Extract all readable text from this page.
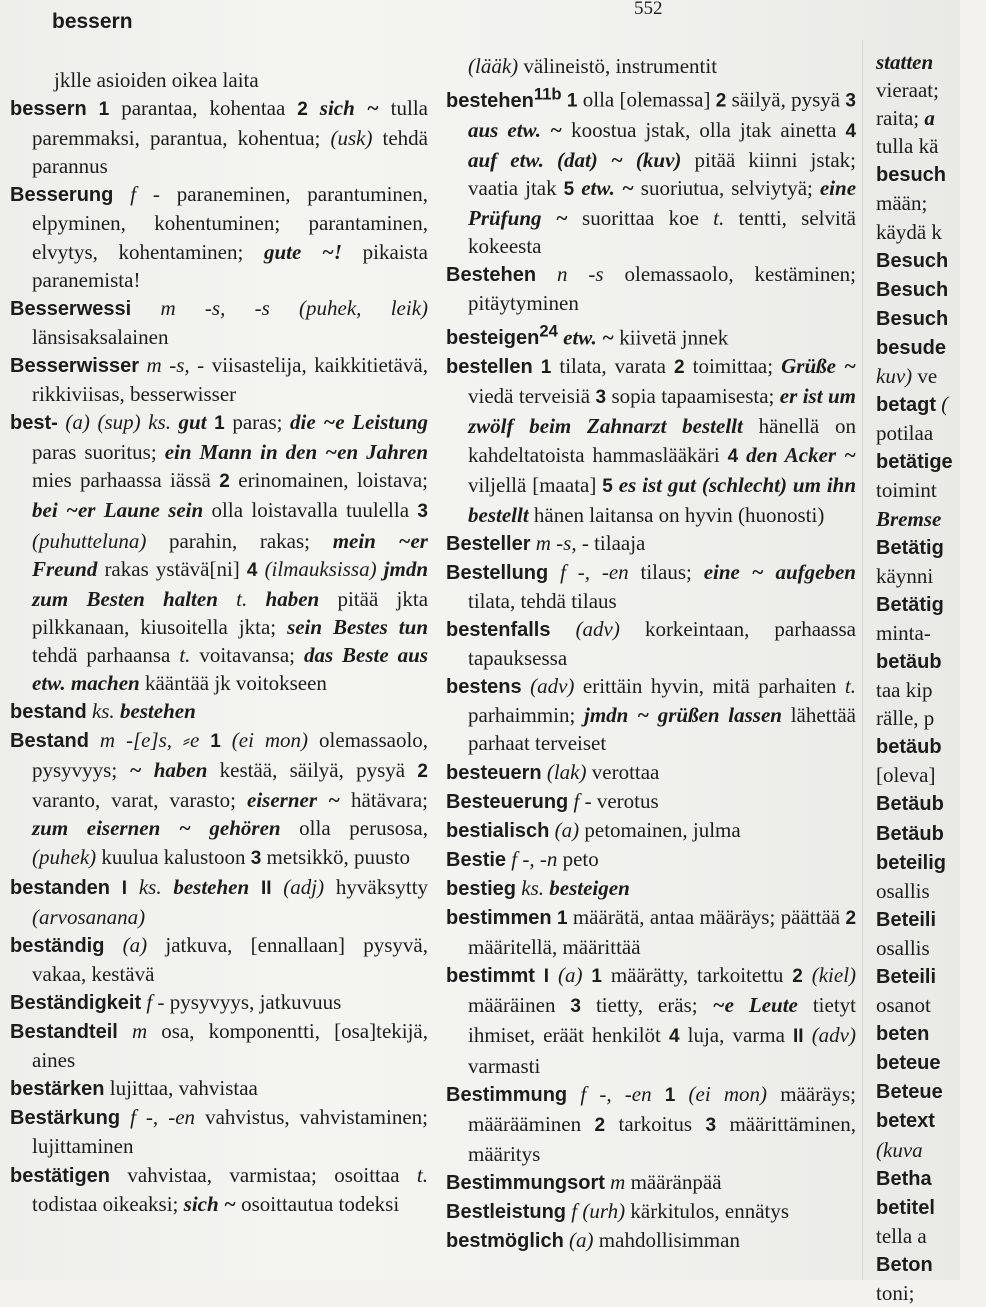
bessern
552

jklle asioiden oikea laita

bessern 1 parantaa, kohentaa 2 sich ~ tulla paremmaksi, parantua, kohentua; (usk) tehdä parannus

Besserung f - paraneminen, parantuminen, elpyminen, kohentuminen; parantaminen, elvytys, kohentaminen; gute ~! pikaista paranemista!

Besserwessi m -s, -s (puhek, leik) länsisaksalainen

Besserwisser m -s, - viisastelija, kaikkitietävä, rikkiviisas, besserwisser

best- (a) (sup) ks. gut 1 paras; die ~e Leistung paras suoritus; ein Mann in den ~en Jahren mies parhaassa iässä 2 erinomainen, loistava; bei ~er Laune sein olla loistavalla tuulella 3 (puhutteluna) parahin, rakas; mein ~er Freund rakas ystävä[ni] 4 (ilmauksissa) jmdn zum Besten halten t. haben pitää jkta pilkkanaan, kiusoitella jkta; sein Bestes tun tehdä parhaansa t. voitavansa; das Beste aus etw. machen kääntää jk voitokseen

bestand ks. bestehen

Bestand m -[e]s, ⸗e 1 (ei mon) olemassaolo, pysyvyys; ~ haben kestää, säilyä, pysyä 2 varanto, varat, varasto; eiserner ~ hätävara; zum eisernen ~ gehören olla perusosa, (puhek) kuulua kalustoon 3 metsikkö, puusto

bestanden I ks. bestehen II (adj) hyväksytty (arvosanana)

beständig (a) jatkuva, [ennallaan] pysyvä, vakaa, kestävä

Beständigkeit f - pysyvyys, jatkuvuus

Bestandteil m osa, komponentti, [osa]tekijä, aines

bestärken lujittaa, vahvistaa

Bestärkung f -, -en vahvistus, vahvistaminen; lujittaminen

bestätigen vahvistaa, varmistaa; osoittaa t. todistaa oikeaksi; sich ~ osoittautua todeksi

(lääk) välineistö, instrumentit

bestehen$^{11b}$ 1 olla [olemassa] 2 säilyä, pysyä 3 aus etw. ~ koostua jstak, olla jtak ainetta 4 auf etw. (dat) ~ (kuv) pitää kiinni jstak; vaatia jtak 5 etw. ~ suoriutua, selviytyä; eine Prüfung ~ suorittaa koe t. tentti, selvitä kokeesta

Bestehen n -s olemassaolo, kestäminen; pitäytyminen

besteigen$^{24}$ etw. ~ kiivetä jnnek

bestellen 1 tilata, varata 2 toimittaa; Grüße ~ viedä terveisiä 3 sopia tapaamisesta; er ist um zwölf beim Zahnarzt bestellt hänellä on kahdeltatoista hammaslääkäri 4 den Acker ~ viljellä [maata] 5 es ist gut (schlecht) um ihn bestellt hänen laitansa on hyvin (huonosti)

Besteller m -s, - tilaaja

Bestellung f -, -en tilaus; eine ~ aufgeben tilata, tehdä tilaus

bestenfalls (adv) korkeintaan, parhaassa tapauksessa

bestens (adv) erittäin hyvin, mitä parhaiten t. parhaimmin; jmdn ~ grüßen lassen lähettää parhaat terveiset

besteuern (lak) verottaa

Besteuerung f - verotus

bestialisch (a) petomainen, julma

Bestie f -, -n peto

bestieg ks. besteigen

bestimmen 1 määrätä, antaa määräys; päättää 2 määritellä, määrittää

bestimmt I (a) 1 määrätty, tarkoitettu 2 (kiel) määräinen 3 tietty, eräs; ~e Leute tietyt ihmiset, eräät henkilöt 4 luja, varma II (adv) varmasti

Bestimmung f -, -en 1 (ei mon) määräys; määrääminen 2 tarkoitus 3 määrittäminen, määritys

Bestimmungsort m määränpää

Bestleistung f (urh) kärkitulos, ennätys

bestmöglich (a) mahdollisimman

statten

vieraat;

raita; a

tulla kä

besuch

mään;

käydä k

Besuch

Besuch

Besuch

besude

kuv) ve

betagt (

potilaa

betätige

toimint

Bremse

Betätig

käynni

Betätig

minta-

betäub

taa kip

rälle, p

betäub

[oleva]

Betäub

Betäub

beteilig

osallis

Beteili

osallis

Beteili

osanot

beten

beteue

Beteue

betext

(kuva

Betha

betitel

tella a

Beton

toni;
